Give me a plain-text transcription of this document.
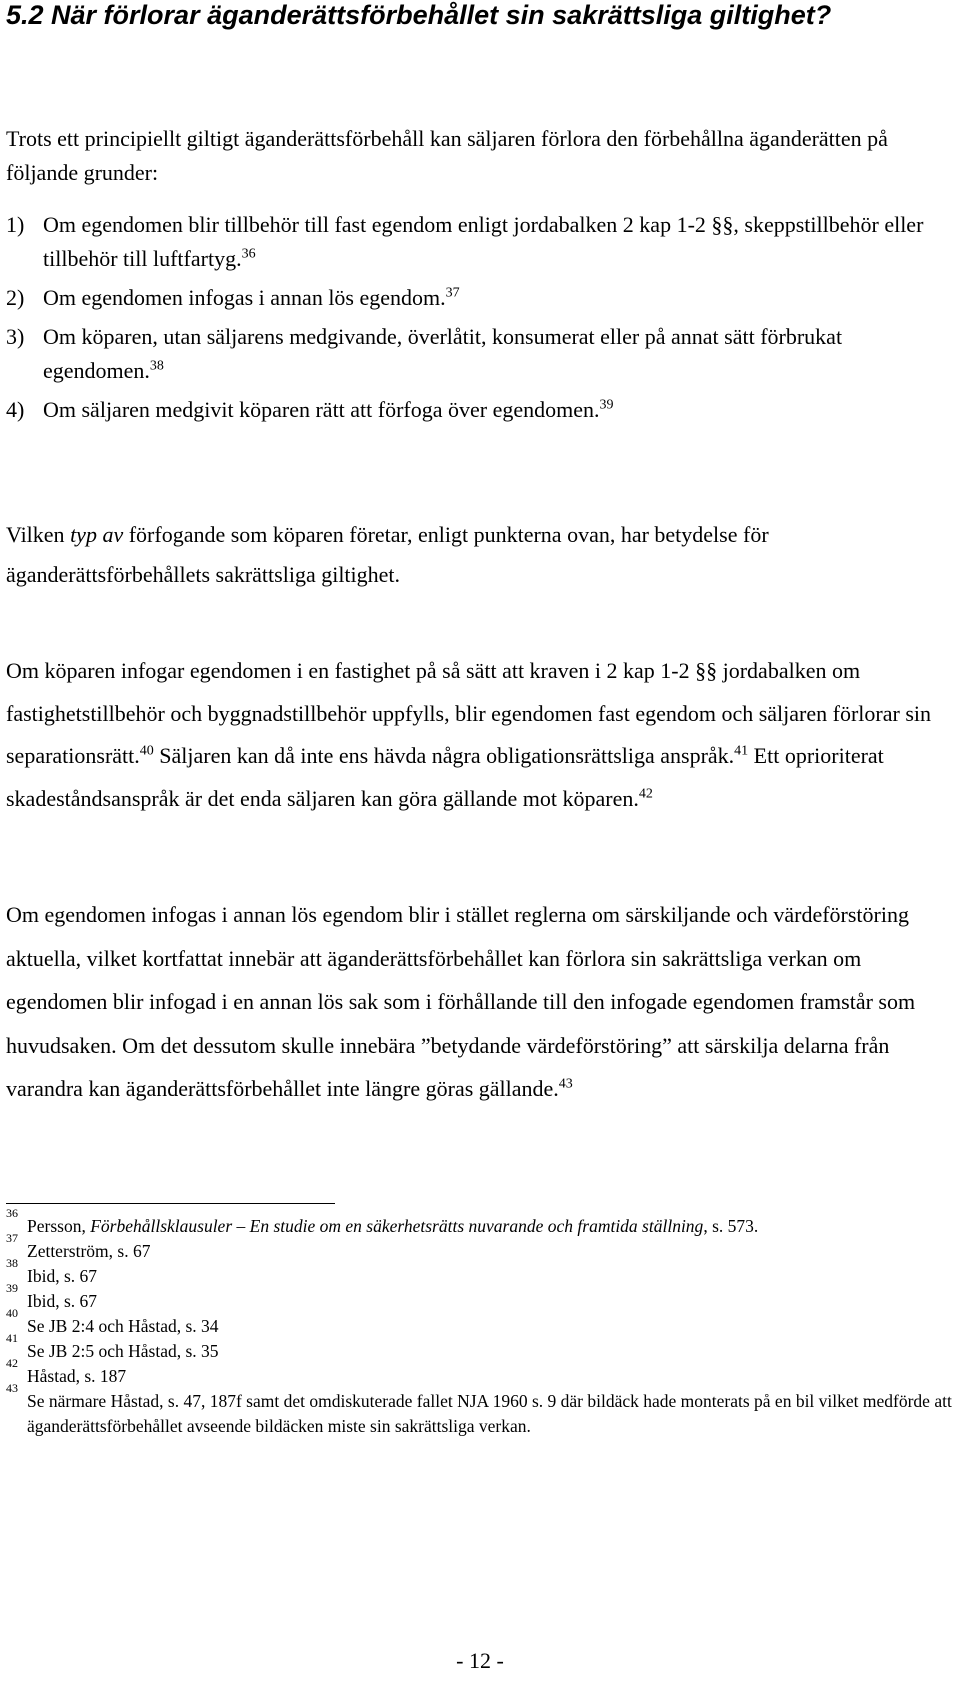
5.2 När förlorar äganderättsförbehållet sin sakrättsliga giltighet?

Trots ett principiellt giltigt äganderättsförbehåll kan säljaren förlora den förbehållna äganderätten på följande grunder:

1) Om egendomen blir tillbehör till fast egendom enligt jordabalken 2 kap 1-2 §§, skeppstillbehör eller tillbehör till luftfartyg.$^{36}$
2) Om egendomen infogas i annan lös egendom.$^{37}$
3) Om köparen, utan säljarens medgivande, överlåtit, konsumerat eller på annat sätt förbrukat egendomen.$^{38}$
4) Om säljaren medgivit köparen rätt att förfoga över egendomen.$^{39}$

Vilken typ av förfogande som köparen företar, enligt punkterna ovan, har betydelse för äganderättsförbehållets sakrättsliga giltighet.

Om köparen infogar egendomen i en fastighet på så sätt att kraven i 2 kap 1-2 §§ jordabalken om fastighetstillbehör och byggnadstillbehör uppfylls, blir egendomen fast egendom och säljaren förlorar sin separationsrätt.$^{40}$ Säljaren kan då inte ens hävda några obligationsrättsliga anspråk.$^{41}$ Ett oprioriterat skadeståndsanspråk är det enda säljaren kan göra gällande mot köparen.$^{42}$

Om egendomen infogas i annan lös egendom blir i stället reglerna om särskiljande och värdeförstöring aktuella, vilket kortfattat innebär att äganderättsförbehållet kan förlora sin sakrättsliga verkan om egendomen blir infogad i en annan lös sak som i förhållande till den infogade egendomen framstår som huvudsaken. Om det dessutom skulle innebära ”betydande värdeförstöring” att särskilja delarna från varandra kan äganderättsförbehållet inte längre göras gällande.$^{43}$

36
Persson, Förbehållsklausuler – En studie om en säkerhetsrätts nuvarande och framtida ställning, s. 573.
37
Zetterström, s. 67
38
Ibid, s. 67
39
Ibid, s. 67
40
Se JB 2:4 och Håstad, s. 34
41
Se JB 2:5 och Håstad, s. 35
42
Håstad, s. 187
43
Se närmare Håstad, s. 47, 187f samt det omdiskuterade fallet NJA 1960 s. 9 där bildäck hade monterats på en bil vilket medförde att äganderättsförbehållet avseende bildäcken miste sin sakrättsliga verkan.
- 12 -
